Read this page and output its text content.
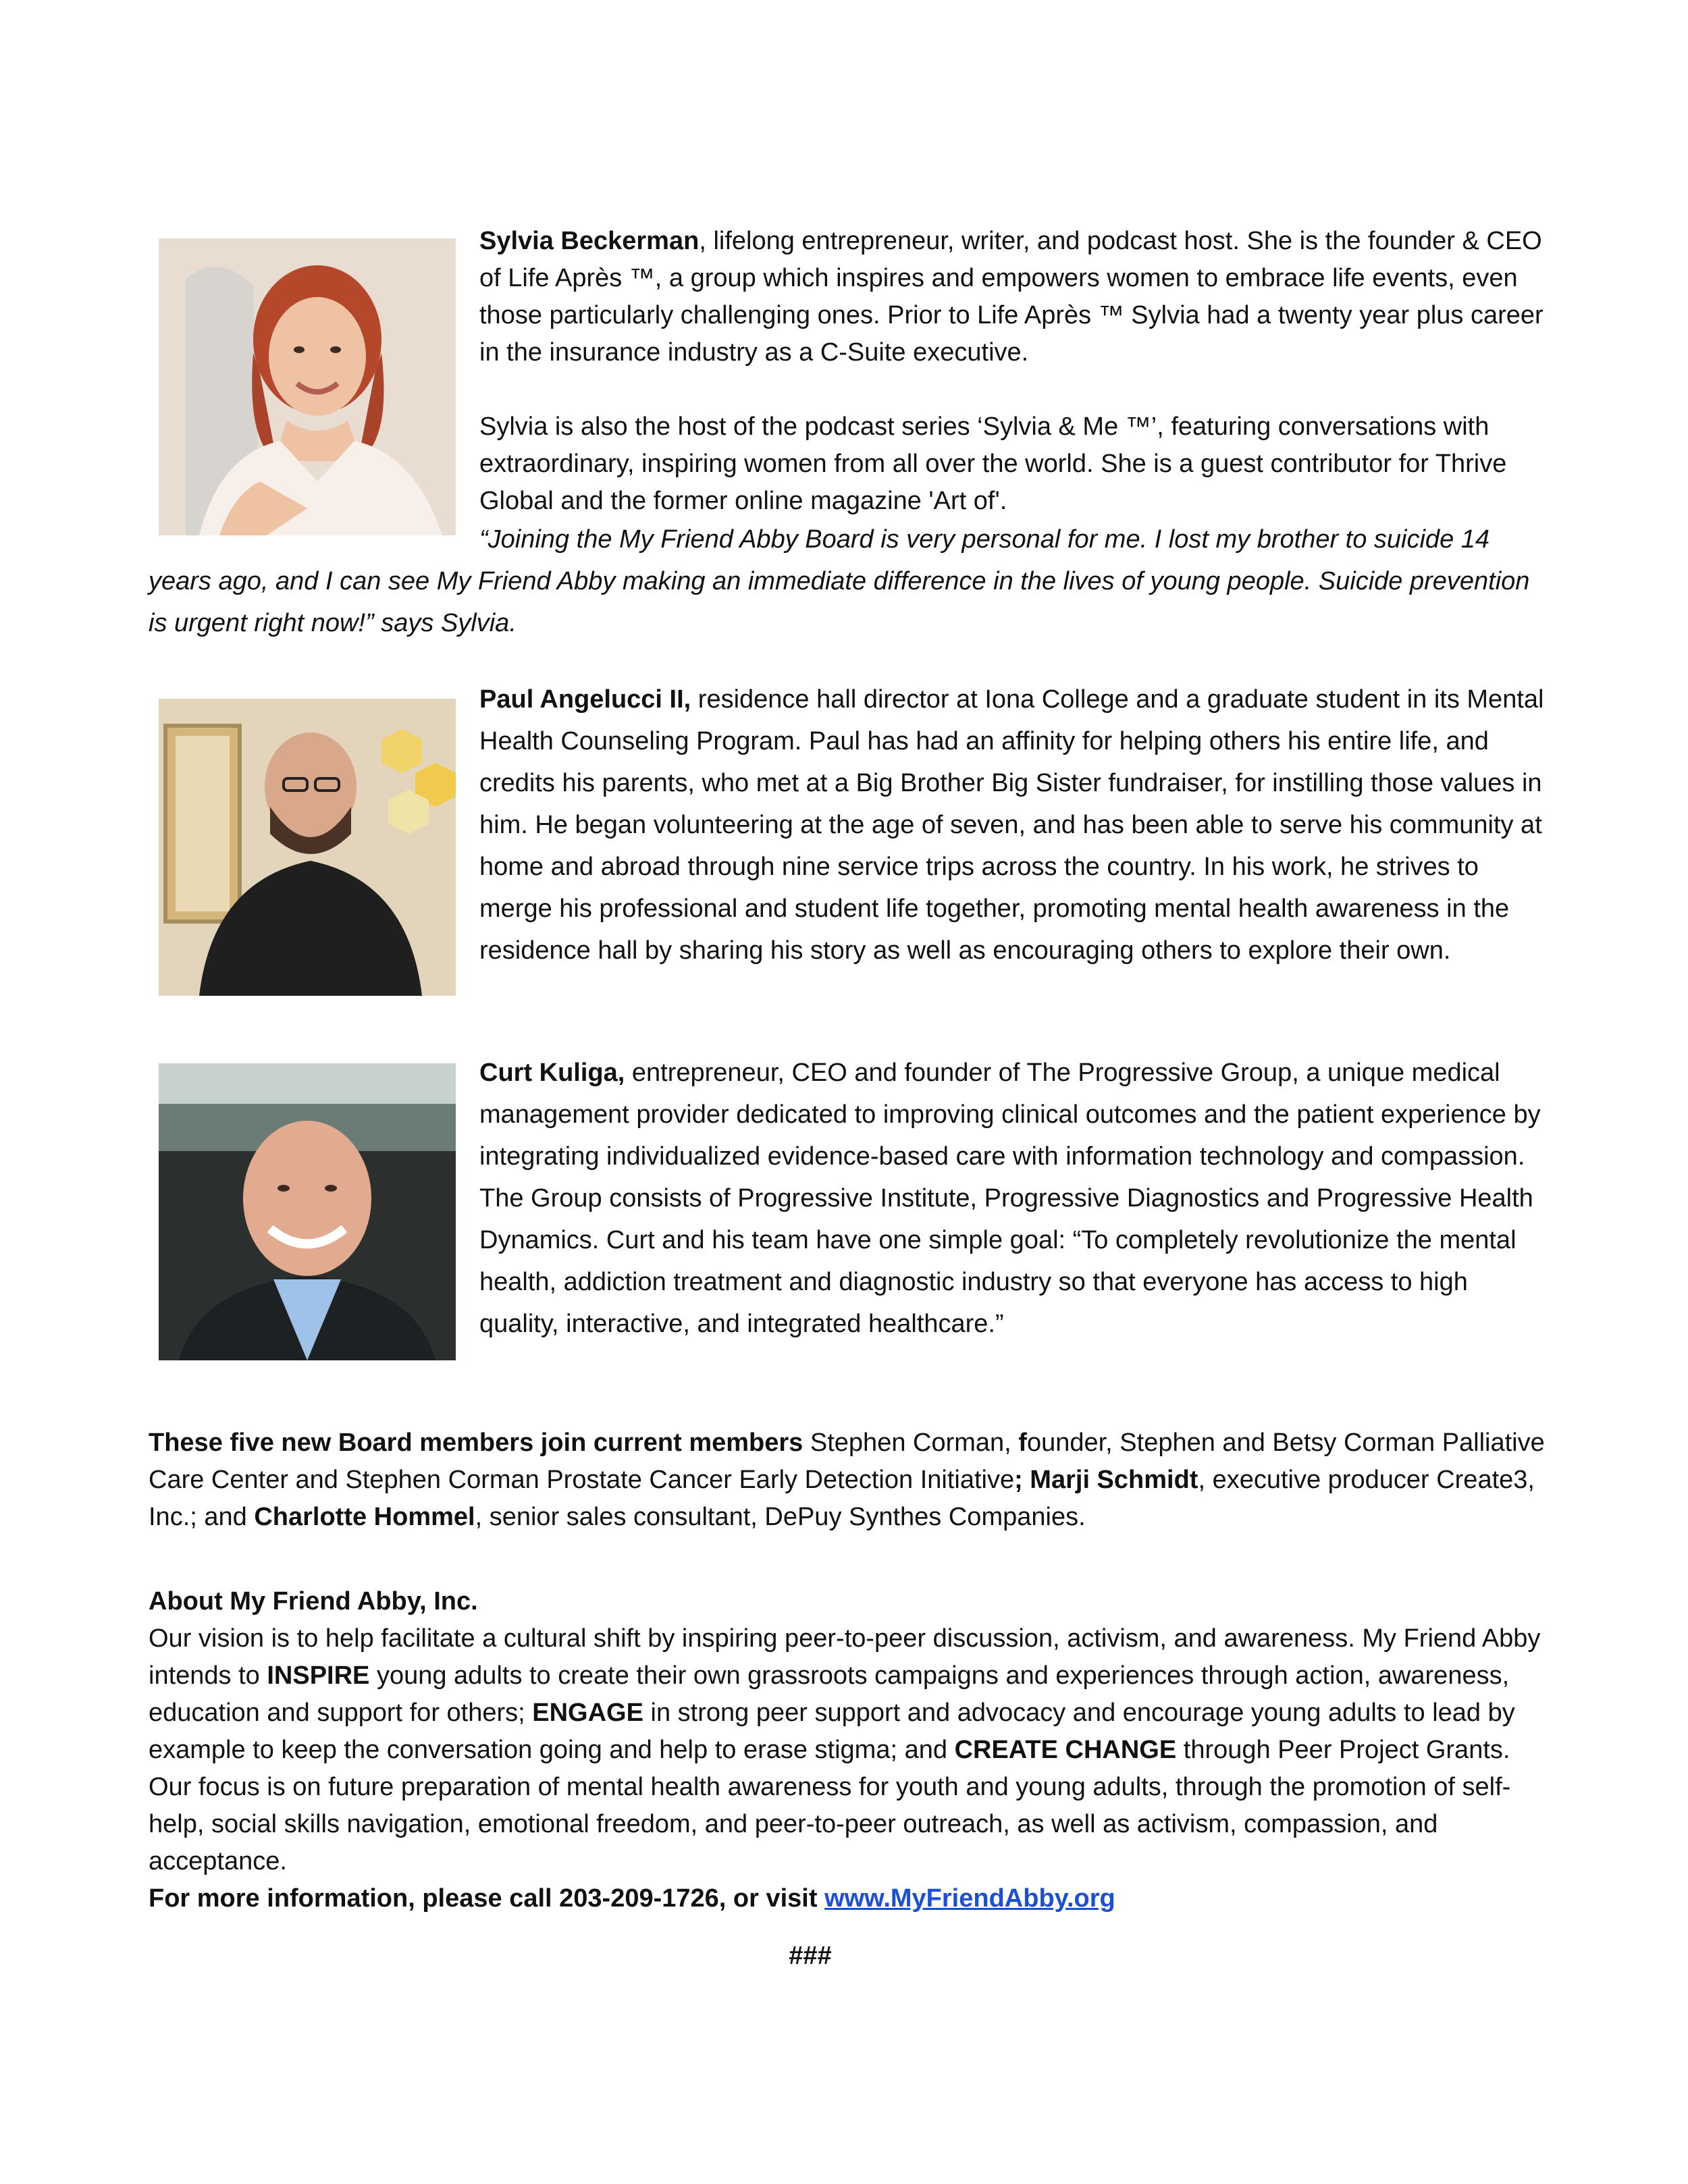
Sylvia Beckerman, lifelong entrepreneur, writer, and podcast host. She is the founder & CEO of Life Après ™, a group which inspires and empowers women to embrace life events, even those particularly challenging ones. Prior to Life Après ™ Sylvia had a twenty year plus career in the insurance industry as a C-Suite executive.

Sylvia is also the host of the podcast series ‘Sylvia & Me ™’, featuring conversations with extraordinary, inspiring women from all over the world. She is a guest contributor for Thrive Global and the former online magazine 'Art of'.

“Joining the My Friend Abby Board is very personal for me. I lost my brother to suicide 14 years ago, and I can see My Friend Abby making an immediate difference in the lives of young people. Suicide prevention is urgent right now!” says Sylvia.

Paul Angelucci II, residence hall director at Iona College and a graduate student in its Mental Health Counseling Program. Paul has had an affinity for helping others his entire life, and credits his parents, who met at a Big Brother Big Sister fundraiser, for instilling those values in him. He began volunteering at the age of seven, and has been able to serve his community at home and abroad through nine service trips across the country. In his work, he strives to merge his professional and student life together, promoting mental health awareness in the residence hall by sharing his story as well as encouraging others to explore their own.

Curt Kuliga, entrepreneur, CEO and founder of The Progressive Group, a unique medical management provider dedicated to improving clinical outcomes and the patient experience by integrating individualized evidence-based care with information technology and compassion. The Group consists of Progressive Institute, Progressive Diagnostics and Progressive Health Dynamics. Curt and his team have one simple goal: “To completely revolutionize the mental health, addiction treatment and diagnostic industry so that everyone has access to high quality, interactive, and integrated healthcare.”

These five new Board members join current members Stephen Corman, founder, Stephen and Betsy Corman Palliative Care Center and Stephen Corman Prostate Cancer Early Detection Initiative; Marji Schmidt, executive producer Create3, Inc.; and Charlotte Hommel, senior sales consultant, DePuy Synthes Companies.

About My Friend Abby, Inc.

Our vision is to help facilitate a cultural shift by inspiring peer-to-peer discussion, activism, and awareness. My Friend Abby intends to INSPIRE young adults to create their own grassroots campaigns and experiences through action, awareness, education and support for others; ENGAGE in strong peer support and advocacy and encourage young adults to lead by example to keep the conversation going and help to erase stigma; and CREATE CHANGE through Peer Project Grants. Our focus is on future preparation of mental health awareness for youth and young adults, through the promotion of self-help, social skills navigation, emotional freedom, and peer-to-peer outreach, as well as activism, compassion, and acceptance.

For more information, please call 203-209-1726, or visit www.MyFriendAbby.org

###
